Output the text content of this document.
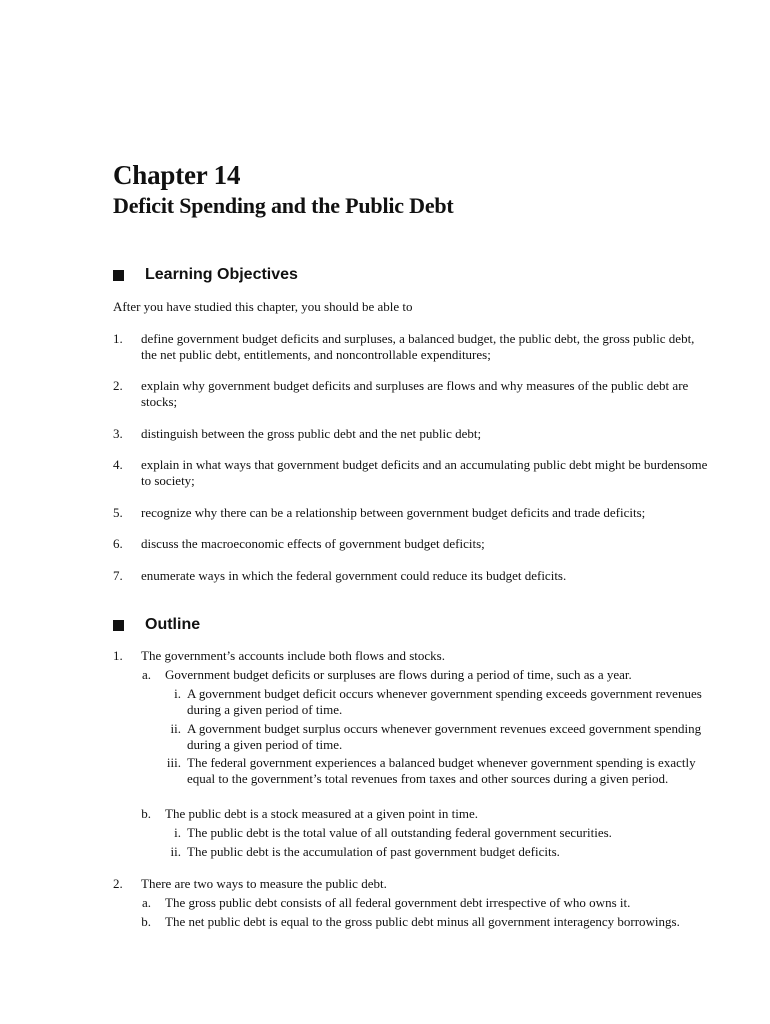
Chapter 14
Deficit Spending and the Public Debt
Learning Objectives
After you have studied this chapter, you should be able to
1. define government budget deficits and surpluses, a balanced budget, the public debt, the gross public debt, the net public debt, entitlements, and noncontrollable expenditures;
2. explain why government budget deficits and surpluses are flows and why measures of the public debt are stocks;
3. distinguish between the gross public debt and the net public debt;
4. explain in what ways that government budget deficits and an accumulating public debt might be burdensome to society;
5. recognize why there can be a relationship between government budget deficits and trade deficits;
6. discuss the macroeconomic effects of government budget deficits;
7. enumerate ways in which the federal government could reduce its budget deficits.
Outline
1. The government’s accounts include both flows and stocks.
a. Government budget deficits or surpluses are flows during a period of time, such as a year.
i. A government budget deficit occurs whenever government spending exceeds government revenues during a given period of time.
ii. A government budget surplus occurs whenever government revenues exceed government spending during a given period of time.
iii. The federal government experiences a balanced budget whenever government spending is exactly equal to the government’s total revenues from taxes and other sources during a given period.
b. The public debt is a stock measured at a given point in time.
i. The public debt is the total value of all outstanding federal government securities.
ii. The public debt is the accumulation of past government budget deficits.
2. There are two ways to measure the public debt.
a. The gross public debt consists of all federal government debt irrespective of who owns it.
b. The net public debt is equal to the gross public debt minus all government interagency borrowings.
